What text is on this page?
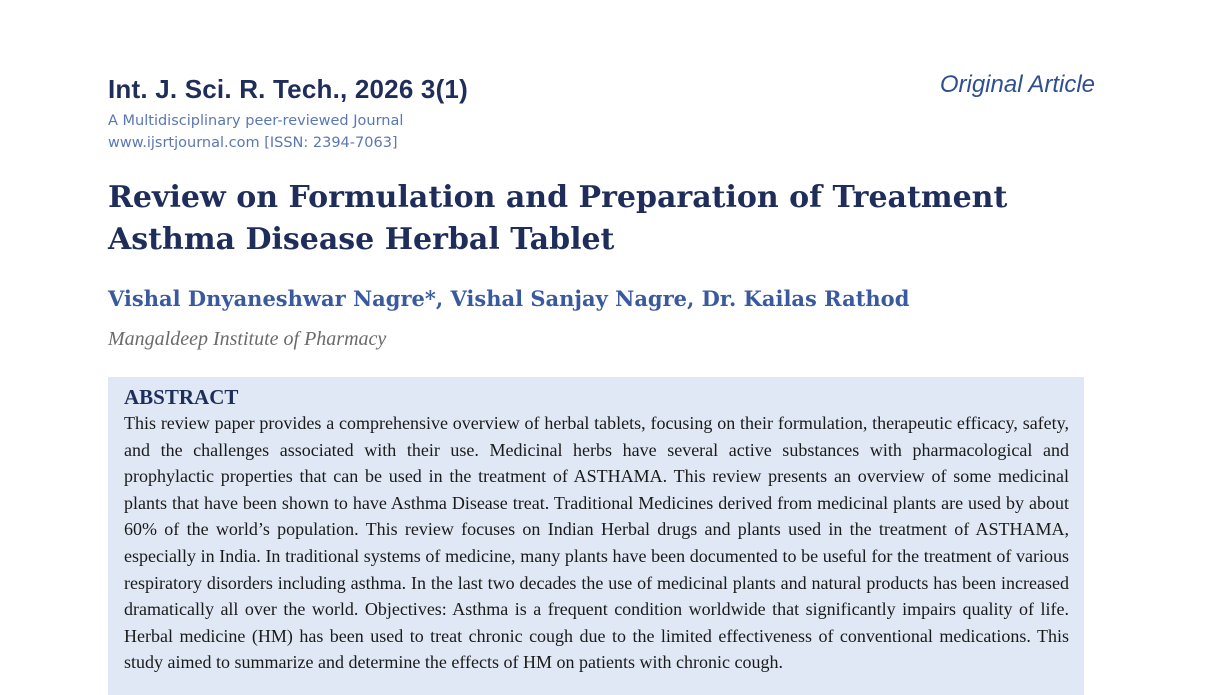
Int. J. Sci. R. Tech., 2026 3(1)
A Multidisciplinary peer-reviewed Journal
www.ijsrtjournal.com [ISSN: 2394-7063]
Original Article
Review on Formulation and Preparation of Treatment Asthma Disease Herbal Tablet
Vishal Dnyaneshwar Nagre*, Vishal Sanjay Nagre, Dr. Kailas Rathod
Mangaldeep Institute of Pharmacy
ABSTRACT

This review paper provides a comprehensive overview of herbal tablets, focusing on their formulation, therapeutic efficacy, safety, and the challenges associated with their use. Medicinal herbs have several active substances with pharmacological and prophylactic properties that can be used in the treatment of ASTHAMA. This review presents an overview of some medicinal plants that have been shown to have Asthma Disease treat. Traditional Medicines derived from medicinal plants are used by about 60% of the world’s population. This review focuses on Indian Herbal drugs and plants used in the treatment of ASTHAMA, especially in India. In traditional systems of medicine, many plants have been documented to be useful for the treatment of various respiratory disorders including asthma. In the last two decades the use of medicinal plants and natural products has been increased dramatically all over the world. Objectives: Asthma is a frequent condition worldwide that significantly impairs quality of life. Herbal medicine (HM) has been used to treat chronic cough due to the limited effectiveness of conventional medications. This study aimed to summarize and determine the effects of HM on patients with chronic cough.
